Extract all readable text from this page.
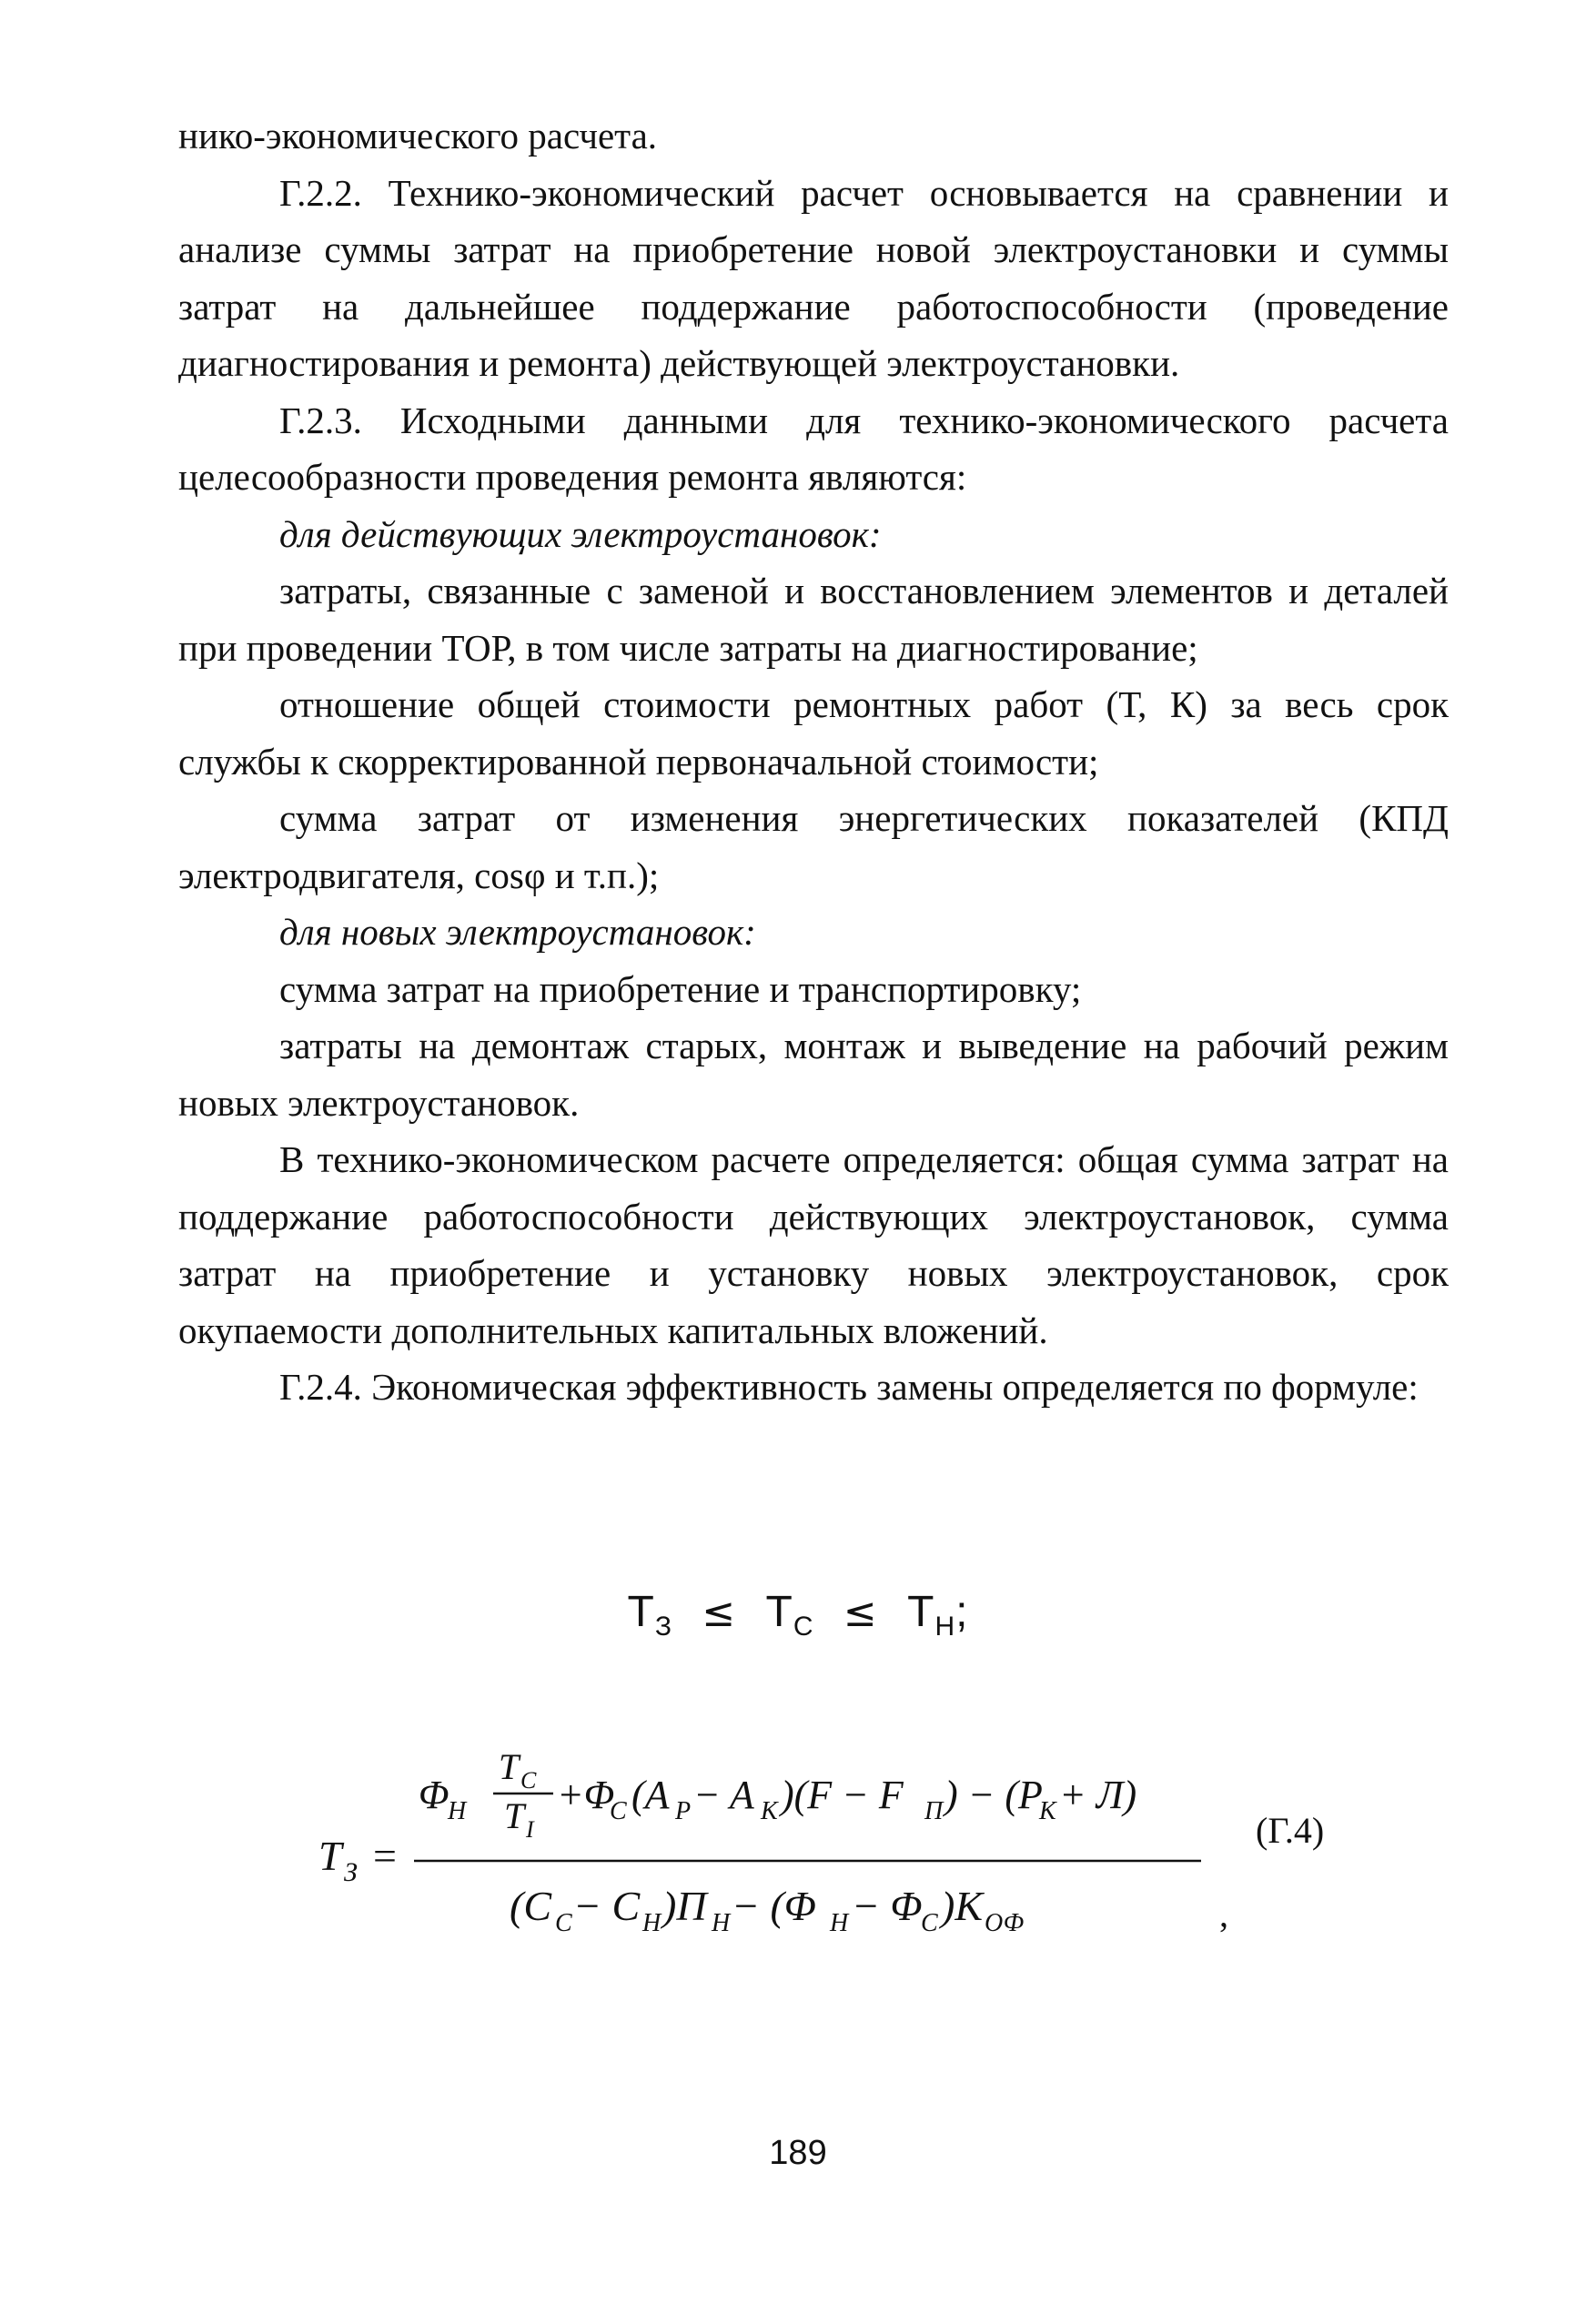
нико-экономического расчета.

Г.2.2. Технико-экономический расчет основывается на сравнении и анализе суммы затрат на приобретение новой электроустановки и суммы затрат на дальнейшее поддержание работоспособности (проведение диагностирования и ремонта) действующей электроустановки.

Г.2.3. Исходными данными для технико-экономического расчета целесообразности проведения ремонта являются:

для действующих электроустановок:

затраты, связанные с заменой и восстановлением элементов и деталей при проведении ТОР, в том числе затраты на диагностирование;

отношение общей стоимости ремонтных работ (Т, К) за весь срок службы к скорректированной первоначальной стоимости;

сумма затрат от изменения энергетических показателей (КПД электродвигателя, cosφ и т.п.);

для новых электроустановок:

сумма затрат на приобретение и транспортировку;

затраты на демонтаж старых, монтаж и выведение на рабочий режим новых электроустановок.

В технико-экономическом расчете определяется: общая сумма затрат на поддержание работоспособности действующих электроустановок, сумма затрат на приобретение и установку новых электроустановок, срок окупаемости дополнительных капитальных вложений.

Г.2.4. Экономическая эффективность замены определяется по формуле:

$Т_З \le Т_С \le Т_Н$;
T З =
Φ
H
T C
T I
+Φ
C (A P − A K )(F − F П ) − (P
K + Л)
(C C − C H )П H − (Φ H − Φ
C )K ОФ	,
(Г.4)
189
